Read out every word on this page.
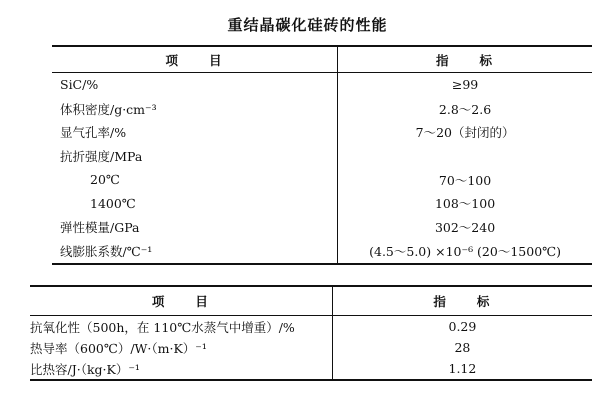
重结晶碳化硅砖的性能
项　　目	指　　标
SiC/%	≥99
体积密度/g·cm⁻³	2.8～2.6
显气孔率/%	7～20（封闭的）
抗折强度/MPa	
20℃	70～100
1400℃	108～100
弹性模量/GPa	302～240
线膨胀系数/℃⁻¹	(4.5～5.0) ×10⁻⁶ (20～1500℃)
项　　目	指　　标
抗氧化性（500h，在 110℃水蒸气中增重）/%	0.29
热导率（600℃）/W·（m·K）⁻¹	28
比热容/J·（kg·K）⁻¹	1.12
